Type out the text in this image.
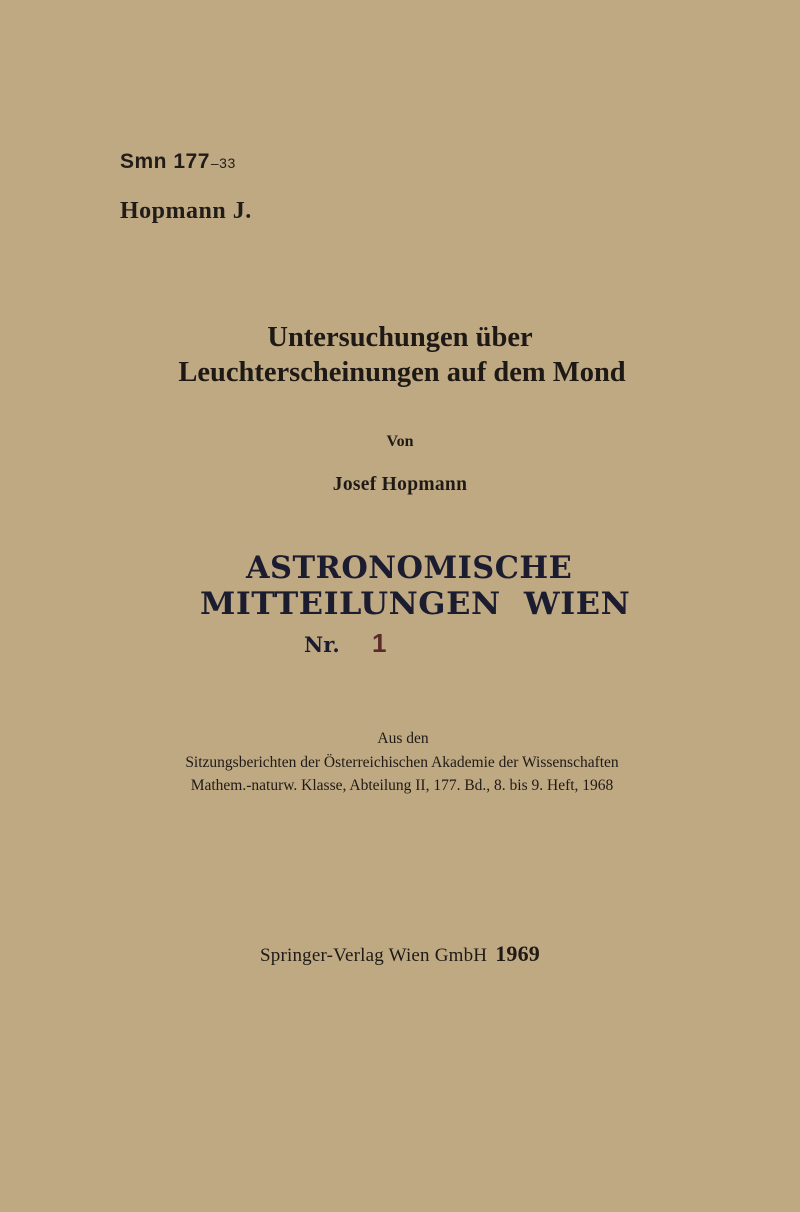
Smn 177–33
Hopmann J.
Untersuchungen über
Leuchterscheinungen auf dem Mond
Von
Josef Hopmann
ASTRONOMISCHE
MITTEILUNGEN  WIEN
Nr. 1
Aus den
Sitzungsberichten der Österreichischen Akademie der Wissenschaften
Mathem.-naturw. Klasse, Abteilung II, 177. Bd., 8. bis 9. Heft, 1968
Springer-Verlag Wien GmbH 1969
